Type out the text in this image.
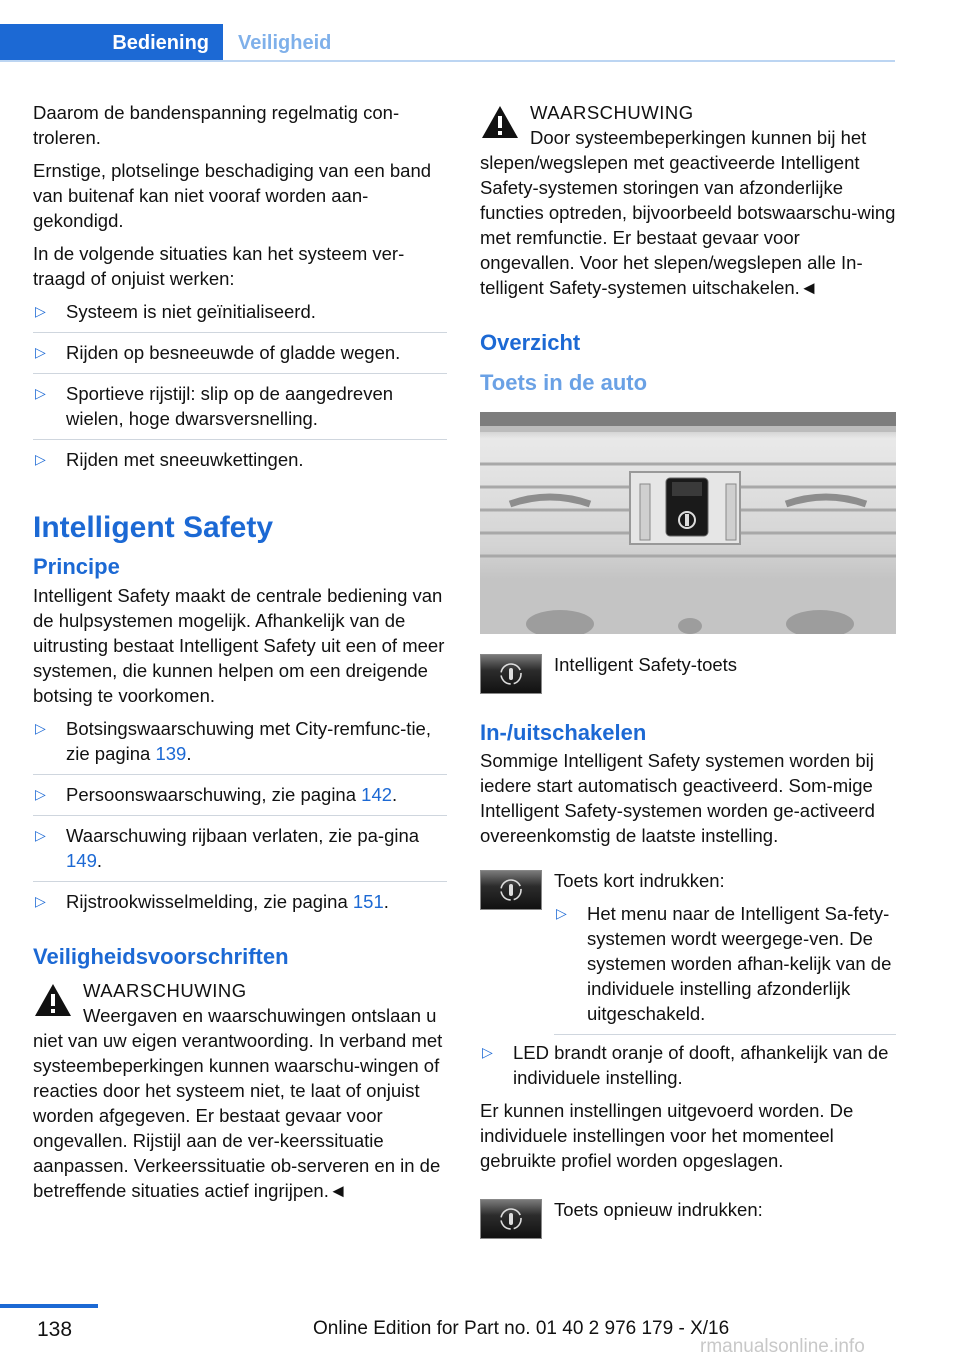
Bediening Veiligheid

Daarom de bandenspanning regelmatig con‐troleren.

Ernstige, plotselinge beschadiging van een band van buitenaf kan niet vooraf worden aan‐gekondigd.

In de volgende situaties kan het systeem ver‐traagd of onjuist werken:

▷ Systeem is niet geïnitialiseerd.
▷ Rijden op besneeuwde of gladde wegen.
▷ Sportieve rijstijl: slip op de aangedreven wielen, hoge dwarsversnelling.
▷ Rijden met sneeuwkettingen.
Intelligent Safety
Principe

Intelligent Safety maakt de centrale bediening van de hulpsystemen mogelijk. Afhankelijk van de uitrusting bestaat Intelligent Safety uit een of meer systemen, die kunnen helpen om een dreigende botsing te voorkomen.

▷ Botsingswaarschuwing met City-remfunc‐tie, zie pagina 139.
▷ Persoonswaarschuwing, zie pagina 142.
▷ Waarschuwing rijbaan verlaten, zie pa‐gina 149.
▷ Rijstrookwisselmelding, zie pagina 151.
Veiligheidsvoorschriften
WAARSCHUWING
Weergaven en waarschuwingen ontslaan u niet van uw eigen verantwoording. In verband met systeembeperkingen kunnen waarschu‐wingen of reacties door het systeem niet, te laat of onjuist worden afgegeven. Er bestaat gevaar voor ongevallen. Rijstijl aan de ver‐keerssituatie aanpassen. Verkeerssituatie ob‐serveren en in de betreffende situaties actief ingrijpen.◄
WAARSCHUWING
Door systeembeperkingen kunnen bij het slepen/wegslepen met geactiveerde Intelligent Safety-systemen storingen van afzonderlijke functies optreden, bijvoorbeeld botswaarschu‐wing met remfunctie. Er bestaat gevaar voor ongevallen. Voor het slepen/wegslepen alle In‐telligent Safety-systemen uitschakelen.◄
Overzicht
Toets in de auto

Intelligent Safety-toets

In-/uitschakelen

Sommige Intelligent Safety systemen worden bij iedere start automatisch geactiveerd. Som‐mige Intelligent Safety-systemen worden ge‐activeerd overeenkomstig de laatste instelling.

Toets kort indrukken:

▷ Het menu naar de Intelligent Sa‐fety-systemen wordt weergege‐ven. De systemen worden afhan‐kelijk van de individuele instelling afzonderlijk uitgeschakeld.
▷ LED brandt oranje of dooft, afhankelijk van de individuele instelling.

Er kunnen instellingen uitgevoerd worden. De individuele instellingen voor het momenteel gebruikte profiel worden opgeslagen.

Toets opnieuw indrukken:

138	Online Edition for Part no. 01 40 2 976 179 - X/16
rmanualsonline.info
